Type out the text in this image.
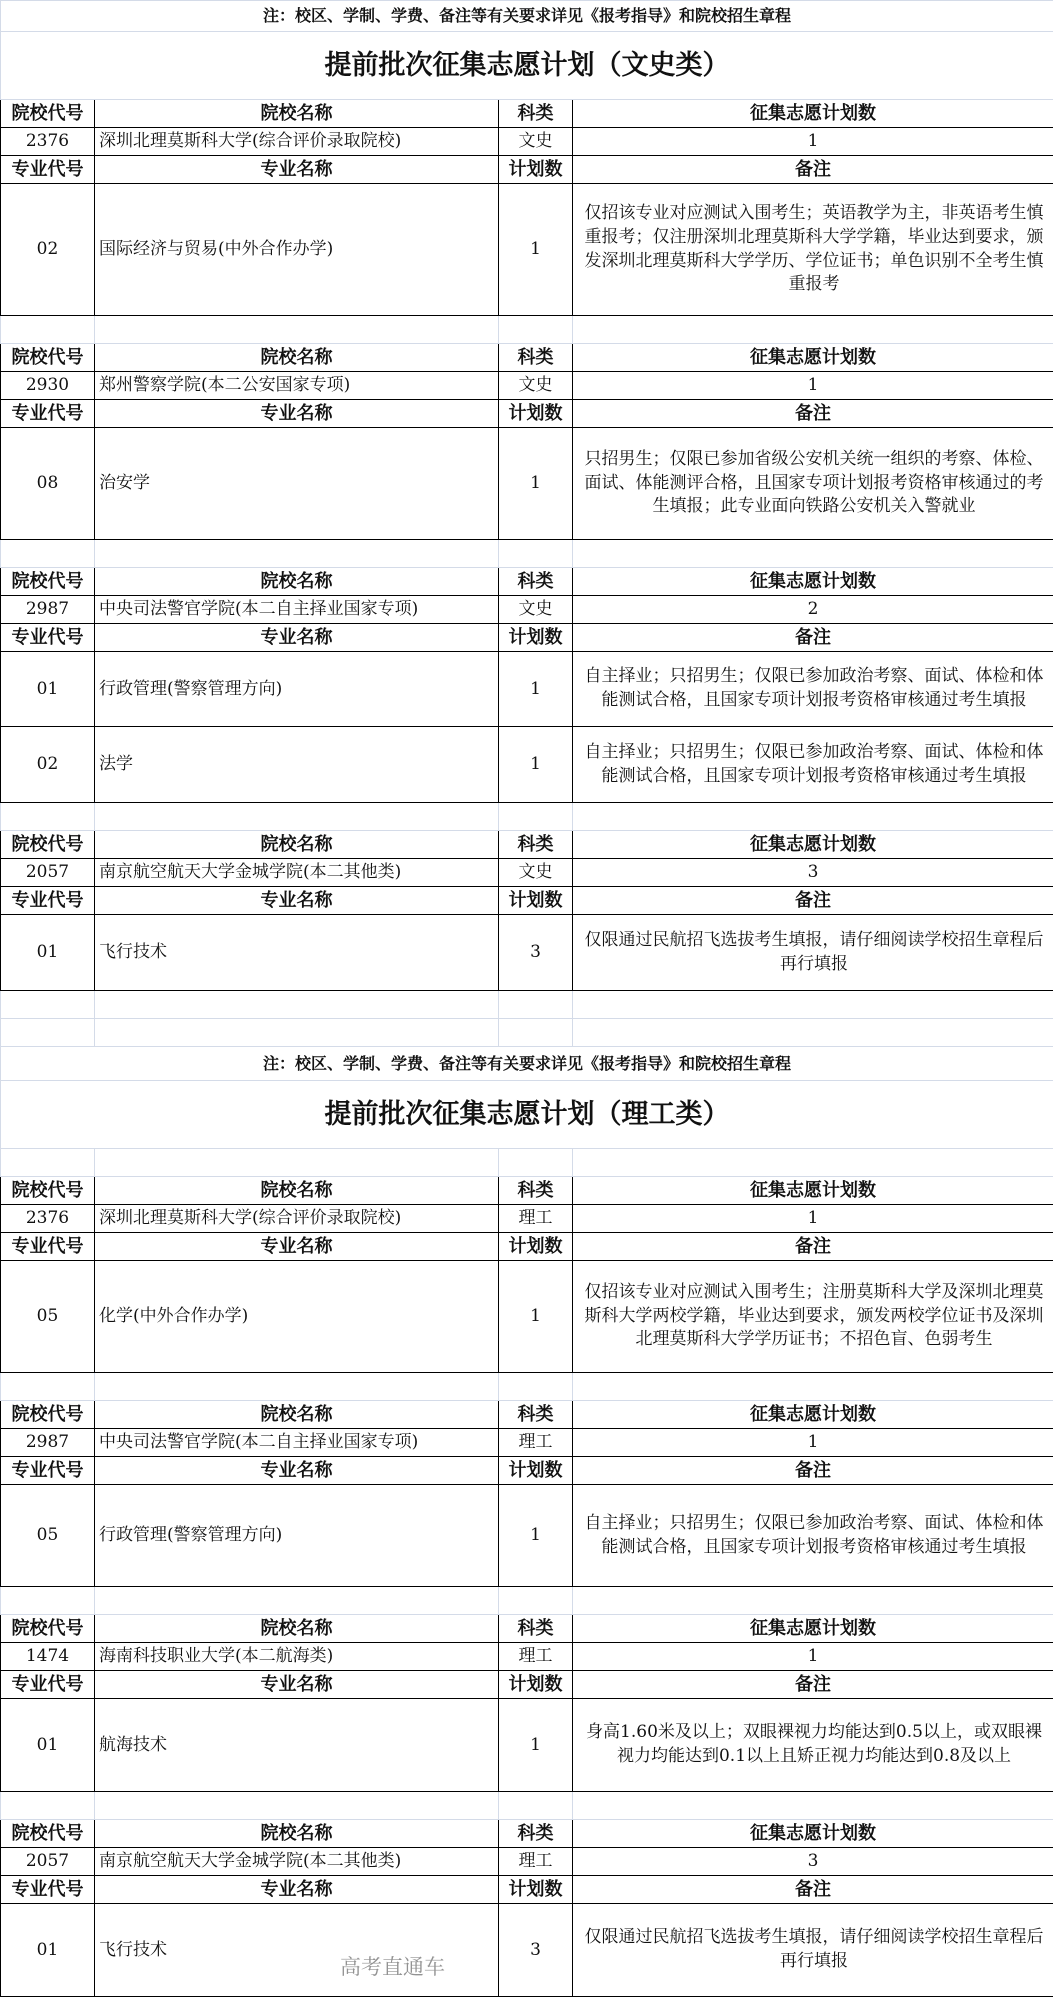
注：校区、学制、学费、备注等有关要求详见《报考指导》和院校招生章程			
提前批次征集志愿计划（文史类）			
院校代号	院校名称	科类	征集志愿计划数
2376	深圳北理莫斯科大学(综合评价录取院校)	文史	1
专业代号	专业名称	计划数	备注
02	国际经济与贸易(中外合作办学)	1	仅招该专业对应测试入围考生；英语教学为主，非英语考生慎重报考；仅注册深圳北理莫斯科大学学籍，毕业达到要求，颁发深圳北理莫斯科大学学历、学位证书；单色识别不全考生慎重报考

院校代号	院校名称	科类	征集志愿计划数
2930	郑州警察学院(本二公安国家专项)	文史	1
专业代号	专业名称	计划数	备注
08	治安学	1	只招男生；仅限已参加省级公安机关统一组织的考察、体检、面试、体能测评合格，且国家专项计划报考资格审核通过的考生填报；此专业面向铁路公安机关入警就业

院校代号	院校名称	科类	征集志愿计划数
2987	中央司法警官学院(本二自主择业国家专项)	文史	2
专业代号	专业名称	计划数	备注
01	行政管理(警察管理方向)	1	自主择业；只招男生；仅限已参加政治考察、面试、体检和体能测试合格，且国家专项计划报考资格审核通过考生填报
02	法学	1	自主择业；只招男生；仅限已参加政治考察、面试、体检和体能测试合格，且国家专项计划报考资格审核通过考生填报

院校代号	院校名称	科类	征集志愿计划数
2057	南京航空航天大学金城学院(本二其他类)	文史	3
专业代号	专业名称	计划数	备注
01	飞行技术	3	仅限通过民航招飞选拔考生填报，请仔细阅读学校招生章程后再行填报

注：校区、学制、学费、备注等有关要求详见《报考指导》和院校招生章程			
提前批次征集志愿计划（理工类）			

院校代号	院校名称	科类	征集志愿计划数
2376	深圳北理莫斯科大学(综合评价录取院校)	理工	1
专业代号	专业名称	计划数	备注
05	化学(中外合作办学)	1	仅招该专业对应测试入围考生；注册莫斯科大学及深圳北理莫斯科大学两校学籍，毕业达到要求，颁发两校学位证书及深圳北理莫斯科大学学历证书；不招色盲、色弱考生

院校代号	院校名称	科类	征集志愿计划数
2987	中央司法警官学院(本二自主择业国家专项)	理工	1
专业代号	专业名称	计划数	备注
05	行政管理(警察管理方向)	1	自主择业；只招男生；仅限已参加政治考察、面试、体检和体能测试合格，且国家专项计划报考资格审核通过考生填报

院校代号	院校名称	科类	征集志愿计划数
1474	海南科技职业大学(本二航海类)	理工	1
专业代号	专业名称	计划数	备注
01	航海技术	1	身高1.60米及以上；双眼裸视力均能达到0.5以上，或双眼裸视力均能达到0.1以上且矫正视力均能达到0.8及以上

院校代号	院校名称	科类	征集志愿计划数
2057	南京航空航天大学金城学院(本二其他类)	理工	3
专业代号	专业名称	计划数	备注
01	飞行技术	3	仅限通过民航招飞选拔考生填报，请仔细阅读学校招生章程后再行填报
高考直通车
